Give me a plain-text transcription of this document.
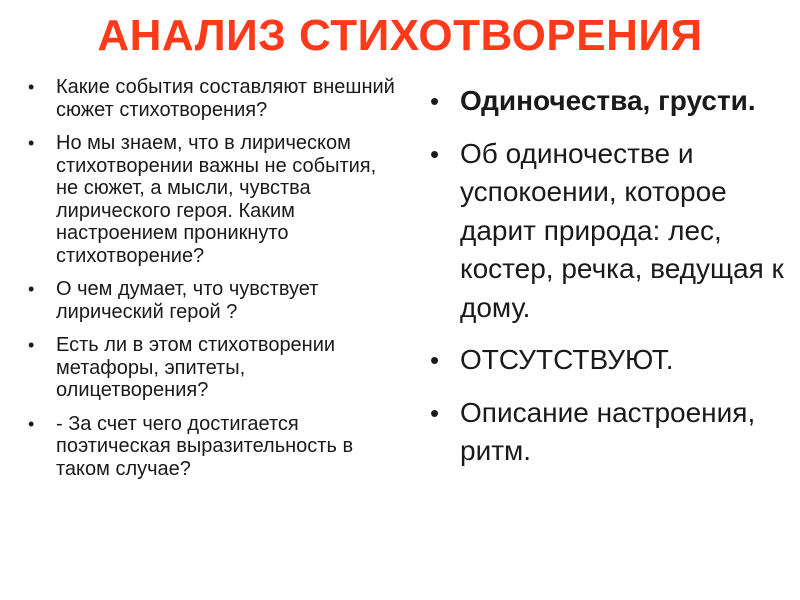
АНАЛИЗ СТИХОТВОРЕНИЯ
• Какие события составляют внешний сюжет стихотворения?
• Но мы знаем, что в лирическом стихотворении важны не события, не сюжет, а мысли, чувства лирического героя. Каким настроением проникнуто стихотворение?
• О чем думает, что чувствует лирический герой ?
• Есть ли в этом стихотворении метафоры, эпитеты, олицетворения?
• - За счет чего достигается поэтическая выразительность в таком случае?
• Одиночества, грусти.
• Об одиночестве и успокоении, которое дарит природа: лес, костер, речка, ведущая к дому.
• ОТСУТСТВУЮТ.
• Описание настроения, ритм.
